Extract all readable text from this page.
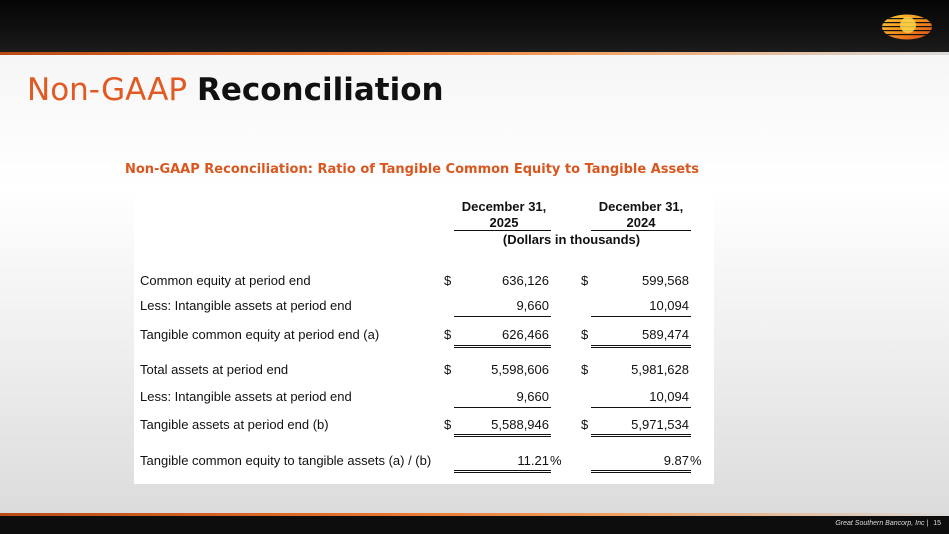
Non-GAAP Reconciliation
Non-GAAP Reconciliation: Ratio of Tangible Common Equity to Tangible Assets
December 31,
2025
December 31,
2024
(Dollars in thousands)
Common equity at period end	$	636,126 $	599,568
Less: Intangible assets at period end	9,660	10,094
Tangible common equity at period end (a)	$	626,466 $	589,474
Total assets at period end	$	5,598,606 $	5,981,628
Less: Intangible assets at period end	9,660	10,094
Tangible assets at period end (b)	$	5,588,946 $	5,971,534
Tangible common equity to tangible assets (a) / (b)	11.21 %	9.87 %
Great Southern Bancorp, Inc | 15
